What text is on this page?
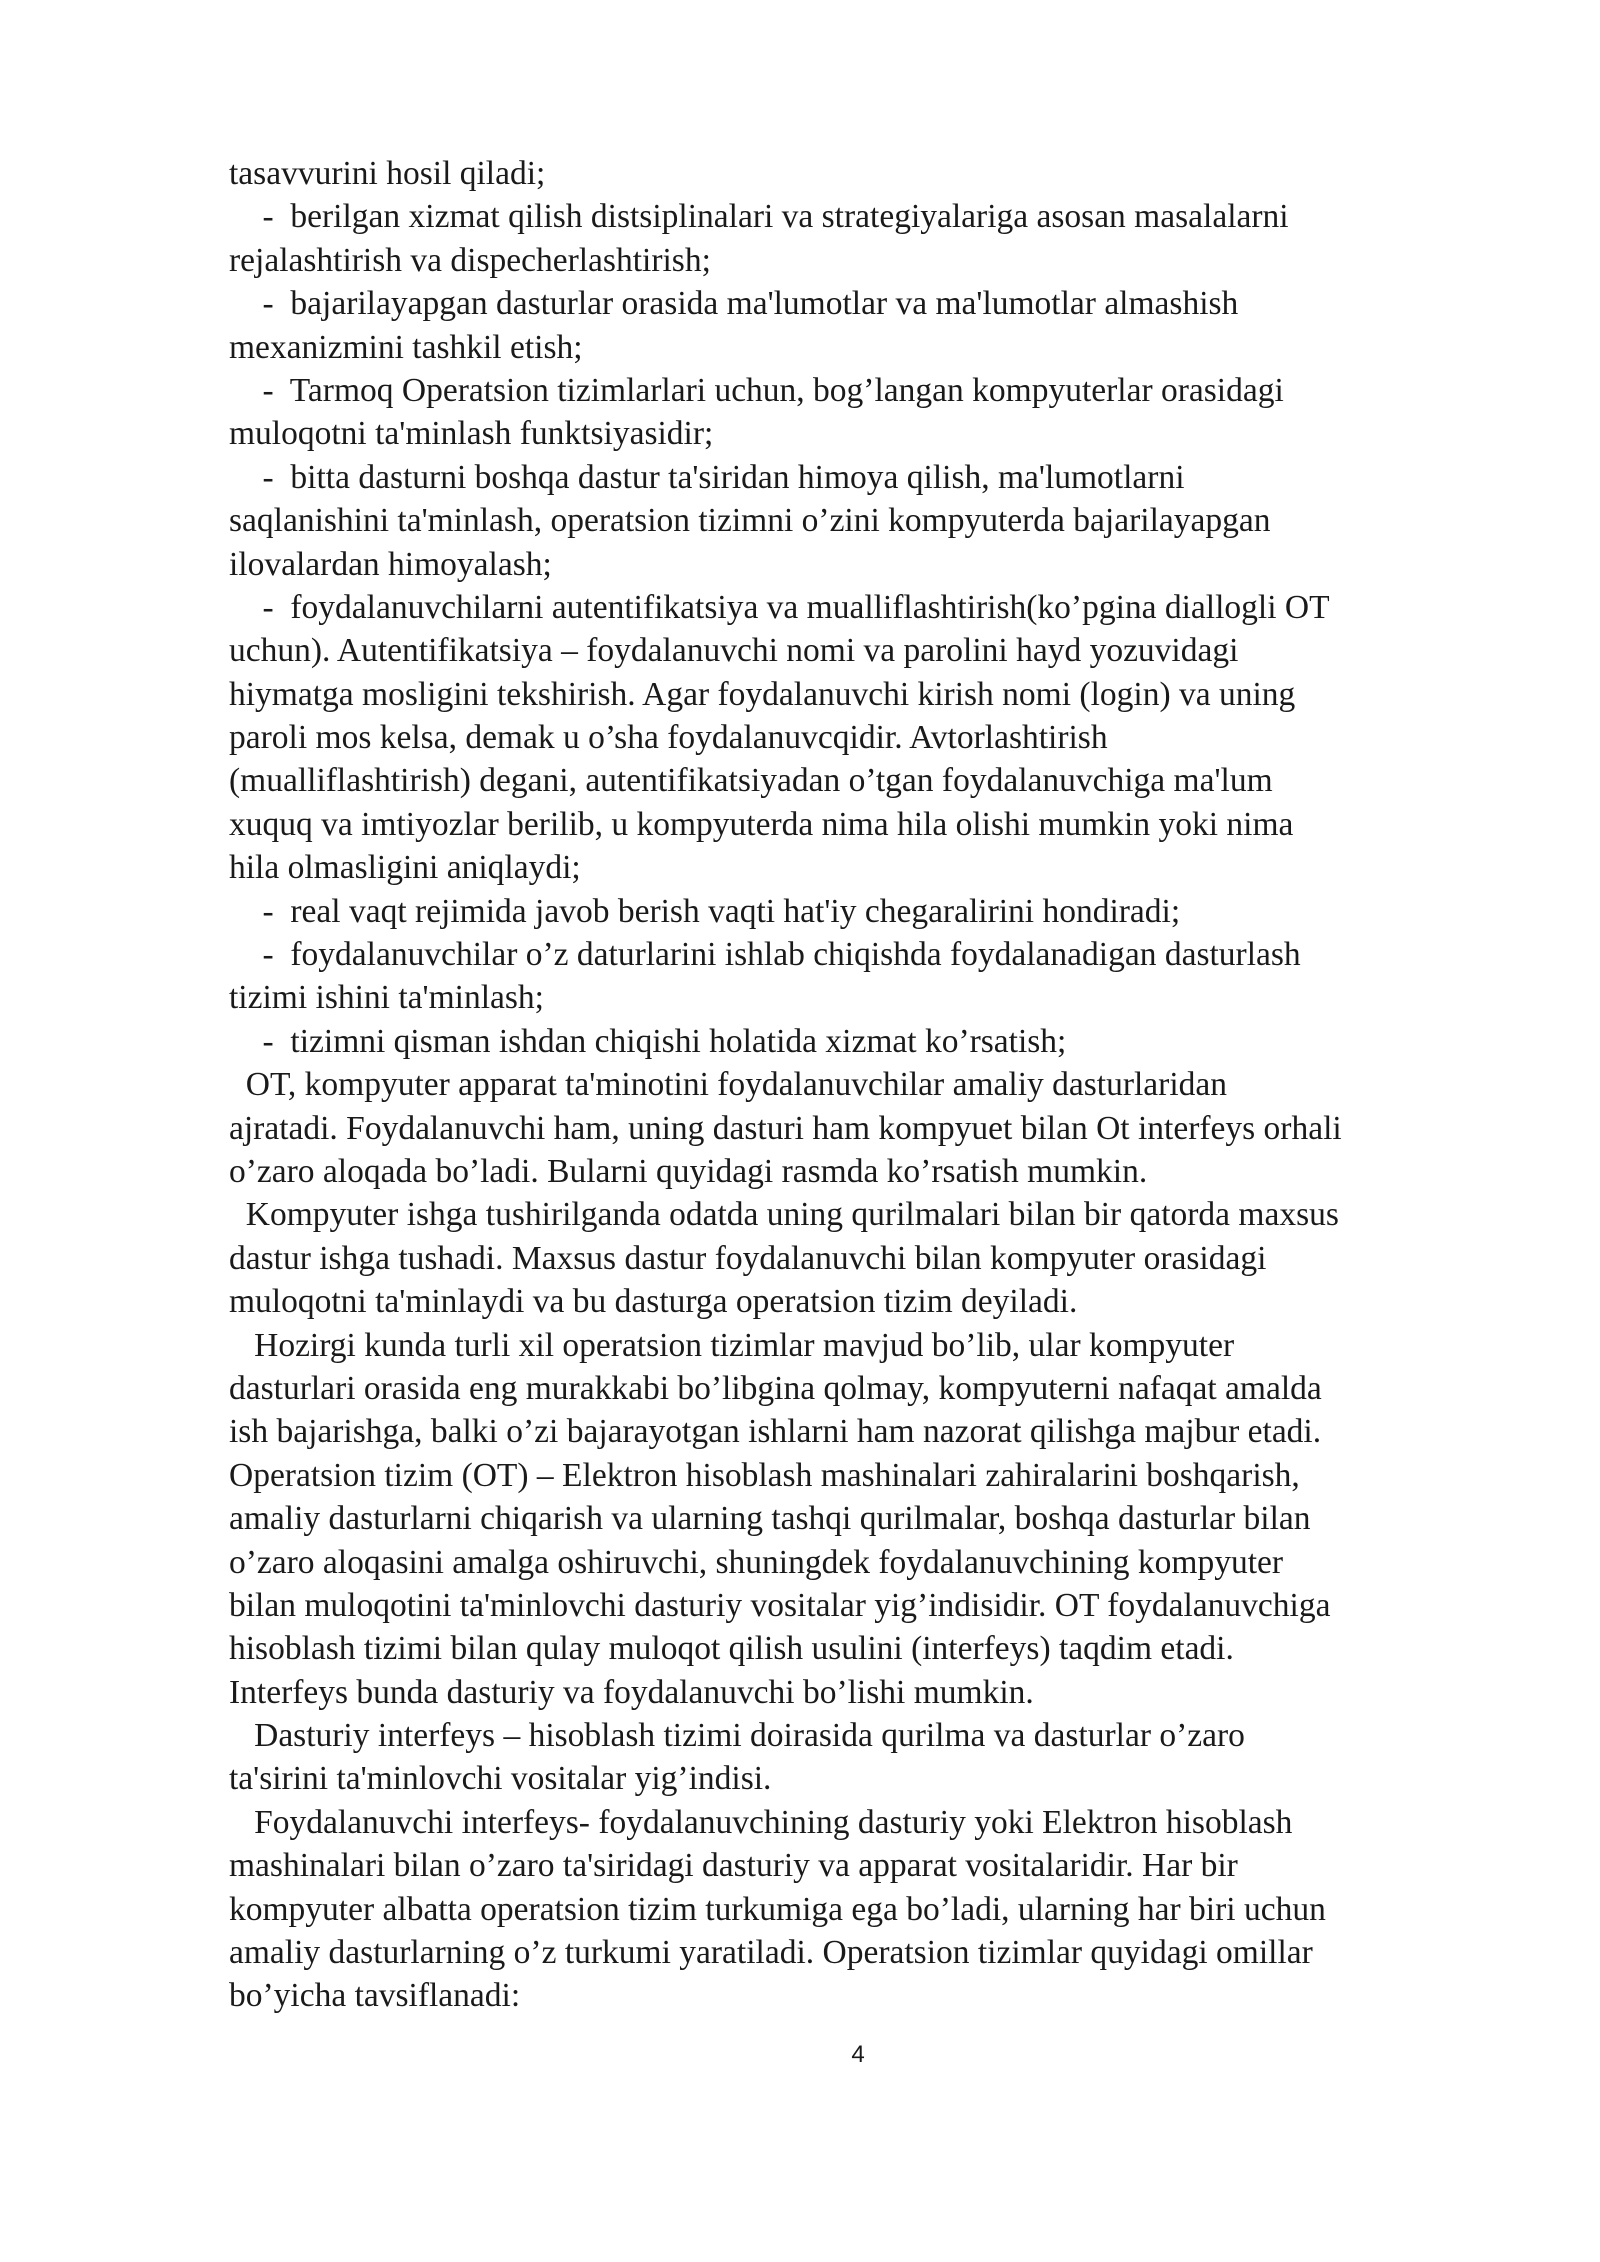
tasavvurini hosil qiladi;
-  berilgan xizmat qilish distsiplinalari va strategiyalariga asosan masalalarni
rejalashtirish va dispecherlashtirish;
-  bajarilayapgan dasturlar orasida ma'lumotlar va ma'lumotlar almashish
mexanizmini tashkil etish;
-  Tarmoq Operatsion tizimlarlari uchun, bog’langan kompyuterlar orasidagi
muloqotni ta'minlash funktsiyasidir;
-  bitta dasturni boshqa dastur ta'siridan himoya qilish, ma'lumotlarni
saqlanishini ta'minlash, operatsion tizimni o’zini kompyuterda bajarilayapgan
ilovalardan himoyalash;
-  foydalanuvchilarni autentifikatsiya va mualliflashtirish(ko’pgina diallogli OT
uchun). Autentifikatsiya – foydalanuvchi nomi va parolini hayd yozuvidagi
hiymatga mosligini tekshirish. Agar foydalanuvchi kirish nomi (login) va uning
paroli mos kelsa, demak u o’sha foydalanuvcqidir. Avtorlashtirish
(mualliflashtirish) degani, autentifikatsiyadan o’tgan foydalanuvchiga ma'lum
xuquq va imtiyozlar berilib, u kompyuterda nima hila olishi mumkin yoki nima
hila olmasligini aniqlaydi;
-  real vaqt rejimida javob berish vaqti hat'iy chegaralirini hondiradi;
-  foydalanuvchilar o’z daturlarini ishlab chiqishda foydalanadigan dasturlash
tizimi ishini ta'minlash;
-  tizimni qisman ishdan chiqishi holatida xizmat ko’rsatish;
OT, kompyuter apparat ta'minotini foydalanuvchilar amaliy dasturlaridan
ajratadi. Foydalanuvchi ham, uning dasturi ham kompyuet bilan Ot interfeys orhali
o’zaro aloqada bo’ladi. Bularni quyidagi rasmda ko’rsatish mumkin.
Kompyuter ishga tushirilganda odatda uning qurilmalari bilan bir qatorda maxsus
dastur ishga tushadi. Maxsus dastur foydalanuvchi bilan kompyuter orasidagi
muloqotni ta'minlaydi va bu dasturga operatsion tizim deyiladi.
Hozirgi kunda turli xil operatsion tizimlar mavjud bo’lib, ular kompyuter
dasturlari orasida eng murakkabi bo’libgina qolmay, kompyuterni nafaqat amalda
ish bajarishga, balki o’zi bajarayotgan ishlarni ham nazorat qilishga majbur etadi.
Operatsion tizim (OT) – Elektron hisoblash mashinalari zahiralarini boshqarish,
amaliy dasturlarni chiqarish va ularning tashqi qurilmalar, boshqa dasturlar bilan
o’zaro aloqasini amalga oshiruvchi, shuningdek foydalanuvchining kompyuter
bilan muloqotini ta'minlovchi dasturiy vositalar yig’indisidir. OT foydalanuvchiga
hisoblash tizimi bilan qulay muloqot qilish usulini (interfeys) taqdim etadi.
Interfeys bunda dasturiy va foydalanuvchi bo’lishi mumkin.
Dasturiy interfeys – hisoblash tizimi doirasida qurilma va dasturlar o’zaro
ta'sirini ta'minlovchi vositalar yig’indisi.
Foydalanuvchi interfeys- foydalanuvchining dasturiy yoki Elektron hisoblash
mashinalari bilan o’zaro ta'siridagi dasturiy va apparat vositalaridir. Har bir
kompyuter albatta operatsion tizim turkumiga ega bo’ladi, ularning har biri uchun
amaliy dasturlarning o’z turkumi yaratiladi. Operatsion tizimlar quyidagi omillar
bo’yicha tavsiflanadi:
4
